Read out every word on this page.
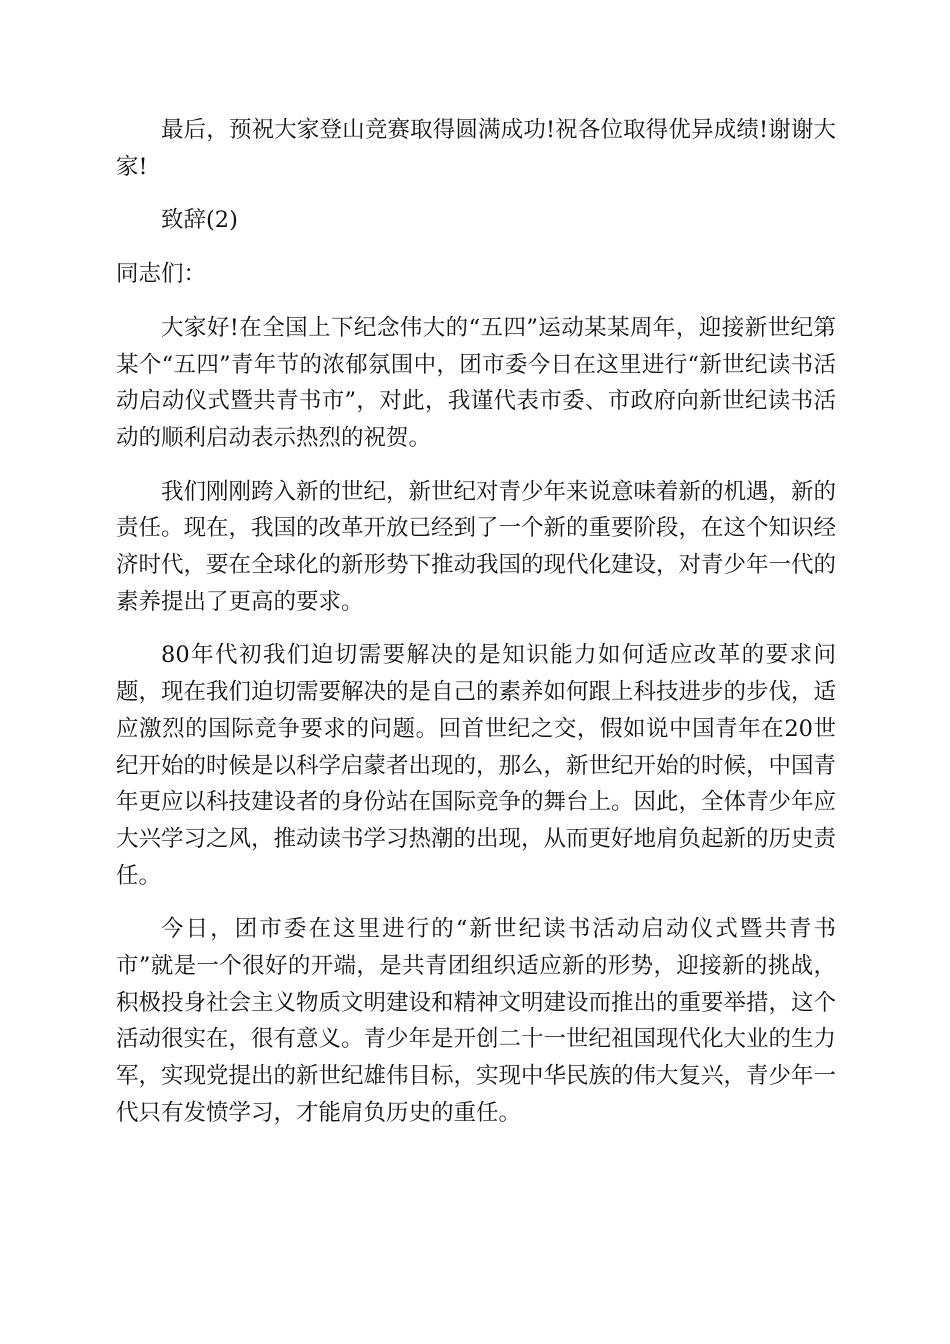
最后，预祝大家登山竞赛取得圆满成功!祝各位取得优异成绩!谢谢大家!

致辞(2)

同志们：

大家好!在全国上下纪念伟大的“五四”运动某某周年，迎接新世纪第某个“五四”青年节的浓郁氛围中，团市委今日在这里进行“新世纪读书活动启动仪式暨共青书市”，对此，我谨代表市委、市政府向新世纪读书活动的顺利启动表示热烈的祝贺。

我们刚刚跨入新的世纪，新世纪对青少年来说意味着新的机遇，新的责任。现在，我国的改革开放已经到了一个新的重要阶段，在这个知识经济时代，要在全球化的新形势下推动我国的现代化建设，对青少年一代的素养提出了更高的要求。

80年代初我们迫切需要解决的是知识能力如何适应改革的要求问题，现在我们迫切需要解决的是自己的素养如何跟上科技进步的步伐，适应激烈的国际竞争要求的问题。回首世纪之交，假如说中国青年在20世纪开始的时候是以科学启蒙者出现的，那么，新世纪开始的时候，中国青年更应以科技建设者的身份站在国际竞争的舞台上。因此，全体青少年应大兴学习之风，推动读书学习热潮的出现，从而更好地肩负起新的历史责任。

今日，团市委在这里进行的“新世纪读书活动启动仪式暨共青书市”就是一个很好的开端，是共青团组织适应新的形势，迎接新的挑战，积极投身社会主义物质文明建设和精神文明建设而推出的重要举措，这个活动很实在，很有意义。青少年是开创二十一世纪祖国现代化大业的生力军，实现党提出的新世纪雄伟目标，实现中华民族的伟大复兴，青少年一代只有发愤学习，才能肩负历史的重任。
